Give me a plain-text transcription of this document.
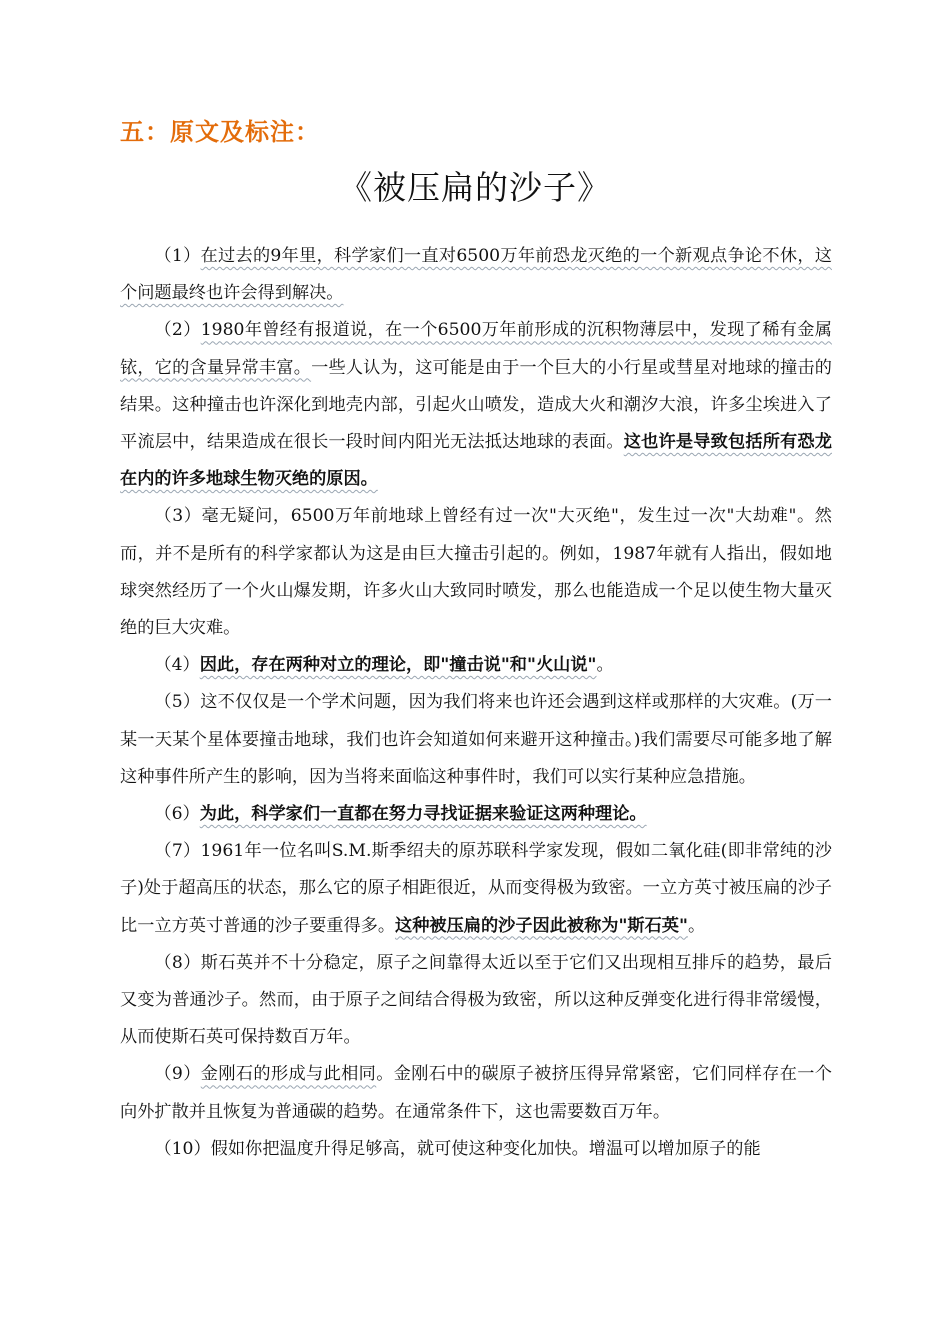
五：原文及标注：
《被压扁的沙子》

（1）在过去的9年里，科学家们一直对6500万年前恐龙灭绝的一个新观点争论不休，这个问题最终也许会得到解决。

（2）1980年曾经有报道说，在一个6500万年前形成的沉积物薄层中，发现了稀有金属铱，它的含量异常丰富。一些人认为，这可能是由于一个巨大的小行星或彗星对地球的撞击的结果。这种撞击也许深化到地壳内部，引起火山喷发，造成大火和潮汐大浪，许多尘埃进入了平流层中，结果造成在很长一段时间内阳光无法抵达地球的表面。这也许是导致包括所有恐龙在内的许多地球生物灭绝的原因。

（3）毫无疑问，6500万年前地球上曾经有过一次"大灭绝"，发生过一次"大劫难"。然而，并不是所有的科学家都认为这是由巨大撞击引起的。例如，1987年就有人指出，假如地球突然经历了一个火山爆发期，许多火山大致同时喷发，那么也能造成一个足以使生物大量灭绝的巨大灾难。

（4）因此，存在两种对立的理论，即"撞击说"和"火山说"。

（5）这不仅仅是一个学术问题，因为我们将来也许还会遇到这样或那样的大灾难。(万一某一天某个星体要撞击地球，我们也许会知道如何来避开这种撞击。)我们需要尽可能多地了解这种事件所产生的影响，因为当将来面临这种事件时，我们可以实行某种应急措施。

（6）为此，科学家们一直都在努力寻找证据来验证这两种理论。

（7）1961年一位名叫S.M.斯季绍夫的原苏联科学家发现，假如二氧化硅(即非常纯的沙子)处于超高压的状态，那么它的原子相距很近，从而变得极为致密。一立方英寸被压扁的沙子比一立方英寸普通的沙子要重得多。这种被压扁的沙子因此被称为"斯石英"。

（8）斯石英并不十分稳定，原子之间靠得太近以至于它们又出现相互排斥的趋势，最后又变为普通沙子。然而，由于原子之间结合得极为致密，所以这种反弹变化进行得非常缓慢，从而使斯石英可保持数百万年。

（9）金刚石的形成与此相同。金刚石中的碳原子被挤压得异常紧密，它们同样存在一个向外扩散并且恢复为普通碳的趋势。在通常条件下，这也需要数百万年。

（10）假如你把温度升得足够高，就可使这种变化加快。增温可以增加原子的能
